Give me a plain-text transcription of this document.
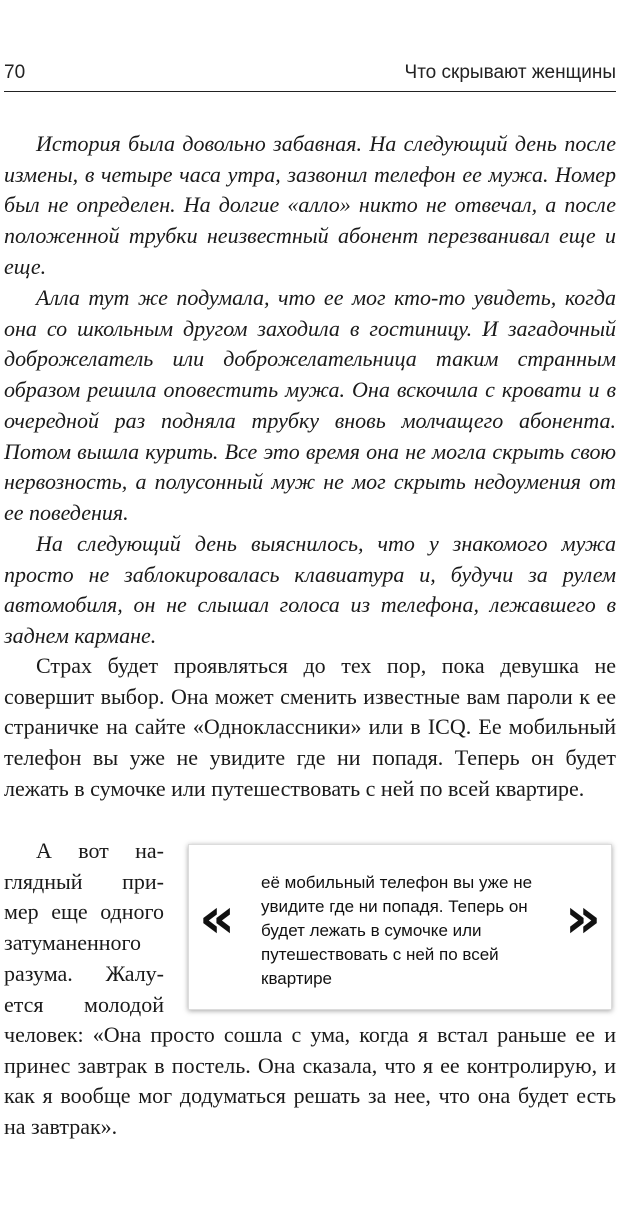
70	Что скрывают женщины

История была довольно забавная. На следующий день после измены, в четыре часа утра, зазвонил телефон ее мужа. Номер был не определен. На долгие «алло» никто не отвечал, а после положенной трубки неизвестный абонент перезванивал еще и еще.

Алла тут же подумала, что ее мог кто-то увидеть, когда она со школьным другом заходила в гостиницу. И загадочный доброжелатель или доброжелательница таким странным образом решила оповестить мужа. Она вскочила с кровати и в очередной раз подняла трубку вновь молчащего абонента. Потом вышла курить. Все это время она не могла скрыть свою нервозность, а полусонный муж не мог скрыть недоумения от ее поведения.

На следующий день выяснилось, что у знакомого мужа просто не заблокировалась клавиатура и, будучи за рулем автомобиля, он не слышал голоса из телефона, лежавшего в заднем кармане.

Страх будет проявляться до тех пор, пока девушка не совершит выбор. Она может сменить известные вам пароли к ее страничке на сайте «Одноклассники» или в ICQ. Ее мобильный телефон вы уже не увидите где ни попадя. Теперь он будет лежать в сумочке или путешествовать с ней по всей квартире.

А вот на-
глядный при-
мер еще одного
затуманенного
разума. Жалу-
ется молодой

человек: «Она просто сошла с ума, когда я встал раньше ее и принес завтрак в постель. Она сказала, что я ее контролирую, и как я вообще мог додуматься решать за нее, что она будет есть на завтрак».

«
её мобильный телефон вы уже не увидите где ни попадя. Теперь он будет лежать в сумочке или путешествовать с ней по всей квартире
»
